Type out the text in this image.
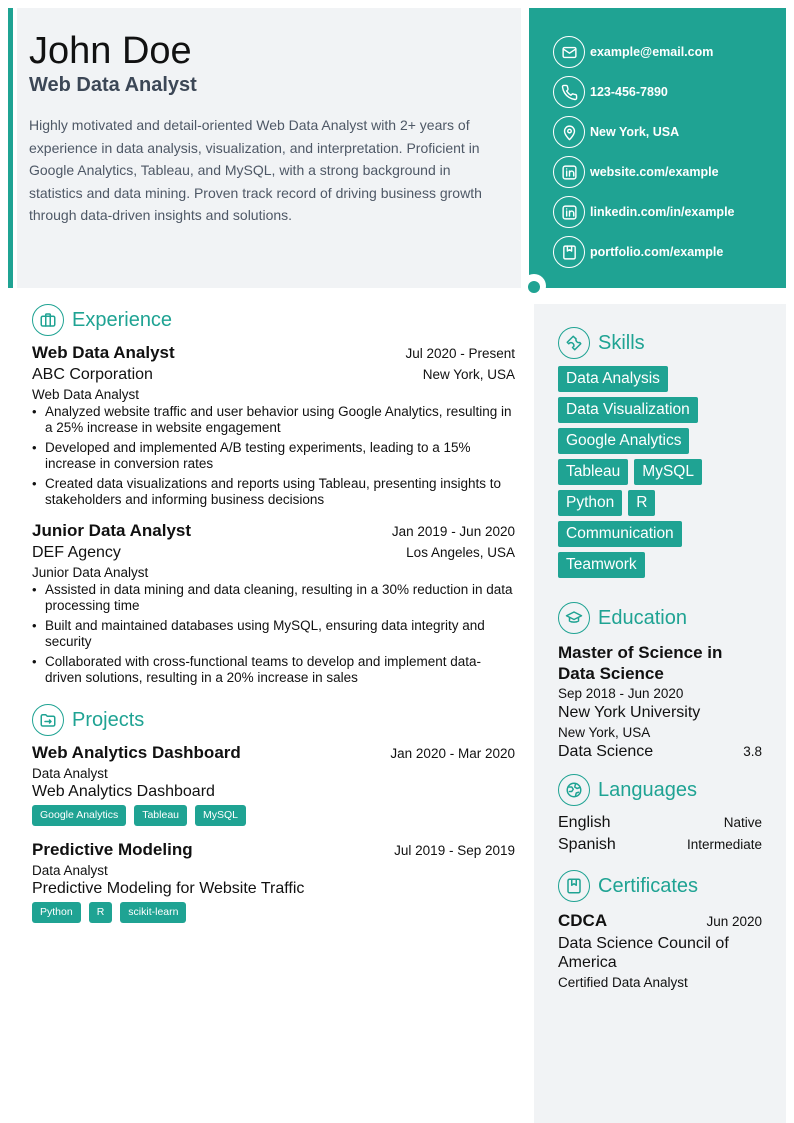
John Doe
Web Data Analyst
Highly motivated and detail-oriented Web Data Analyst with 2+ years of experience in data analysis, visualization, and interpretation. Proficient in Google Analytics, Tableau, and MySQL, with a strong background in statistics and data mining. Proven track record of driving business growth through data-driven insights and solutions.
example@email.com
123-456-7890
New York, USA
website.com/example
linkedin.com/in/example
portfolio.com/example
Experience
Web Data Analyst	Jul 2020 - Present
ABC Corporation	New York, USA
Web Data Analyst
• Analyzed website traffic and user behavior using Google Analytics, resulting in a 25% increase in website engagement
• Developed and implemented A/B testing experiments, leading to a 15% increase in conversion rates
• Created data visualizations and reports using Tableau, presenting insights to stakeholders and informing business decisions
Junior Data Analyst	Jan 2019 - Jun 2020
DEF Agency	Los Angeles, USA
Junior Data Analyst
• Assisted in data mining and data cleaning, resulting in a 30% reduction in data processing time
• Built and maintained databases using MySQL, ensuring data integrity and security
• Collaborated with cross-functional teams to develop and implement data-driven solutions, resulting in a 20% increase in sales
Projects
Web Analytics Dashboard	Jan 2020 - Mar 2020
Data Analyst
Web Analytics Dashboard
Google Analytics	Tableau	MySQL
Predictive Modeling	Jul 2019 - Sep 2019
Data Analyst
Predictive Modeling for Website Traffic
Python	R	scikit-learn
Skills
Data Analysis
Data Visualization
Google Analytics
Tableau	MySQL
Python	R
Communication
Teamwork
Education
Master of Science in Data Science
Sep 2018 - Jun 2020
New York University
New York, USA
Data Science	3.8
Languages
English	Native
Spanish	Intermediate
Certificates
CDCA	Jun 2020
Data Science Council of America
Certified Data Analyst
